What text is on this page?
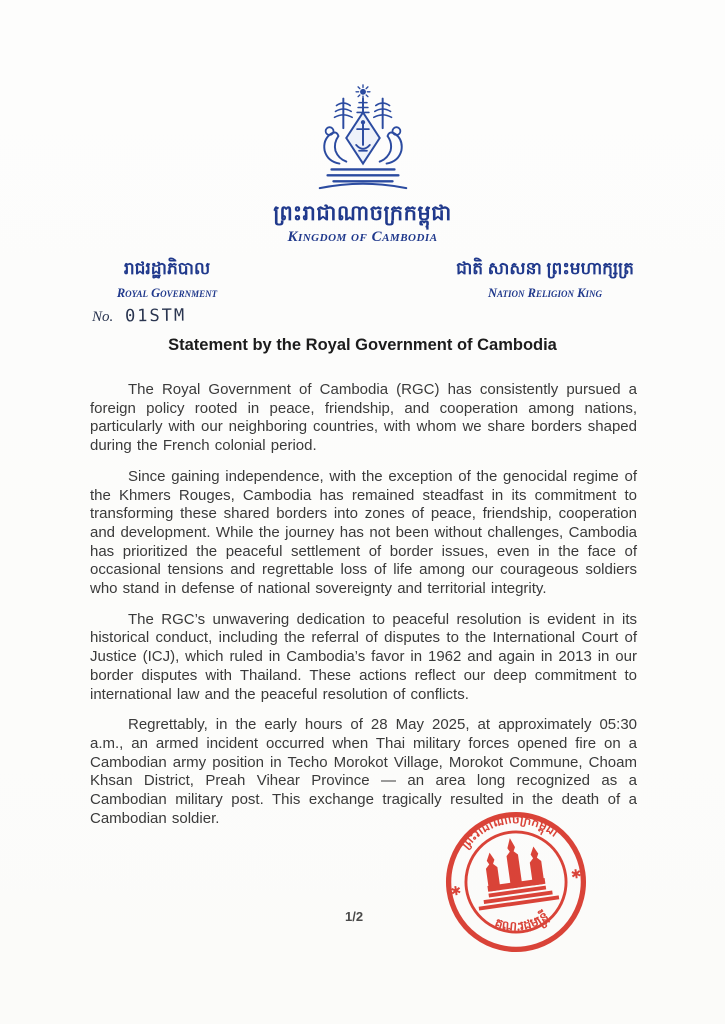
ព្រះរាជាណាចក្រកម្ពុជា
Kingdom of Cambodia
រាជរដ្ឋាភិបាល
Royal Government
No. 01STM
ជាតិ សាសនា ព្រះមហាក្សត្រ
Nation Religion King
Statement by the Royal Government of Cambodia

The Royal Government of Cambodia (RGC) has consistently pursued a foreign policy rooted in peace, friendship, and cooperation among nations, particularly with our neighboring countries, with whom we share borders shaped during the French colonial period.

Since gaining independence, with the exception of the genocidal regime of the Khmers Rouges, Cambodia has remained steadfast in its commitment to transforming these shared borders into zones of peace, friendship, cooperation and development. While the journey has not been without challenges, Cambodia has prioritized the peaceful settlement of border issues, even in the face of occasional tensions and regrettable loss of life among our courageous soldiers who stand in defense of national sovereignty and territorial integrity.

The RGC’s unwavering dedication to peaceful resolution is evident in its historical conduct, including the referral of disputes to the International Court of Justice (ICJ), which ruled in Cambodia’s favor in 1962 and again in 2013 in our border disputes with Thailand. These actions reflect our deep commitment to international law and the peaceful resolution of conflicts.

Regrettably, in the early hours of 28 May 2025, at approximately 05:30 a.m., an armed incident occurred when Thai military forces opened fire on a Cambodian army position in Techo Morokot Village, Morokot Commune, Choam Khsan District, Preah Vihear Province — an area long recognized as a Cambodian military post. This exchange tragically resulted in the death of a Cambodian soldier.

ព្រះរាជាណាចក្រកម្ពុជា
គណៈរដ្ឋមន្ត្រី
✱
✱
1/2
